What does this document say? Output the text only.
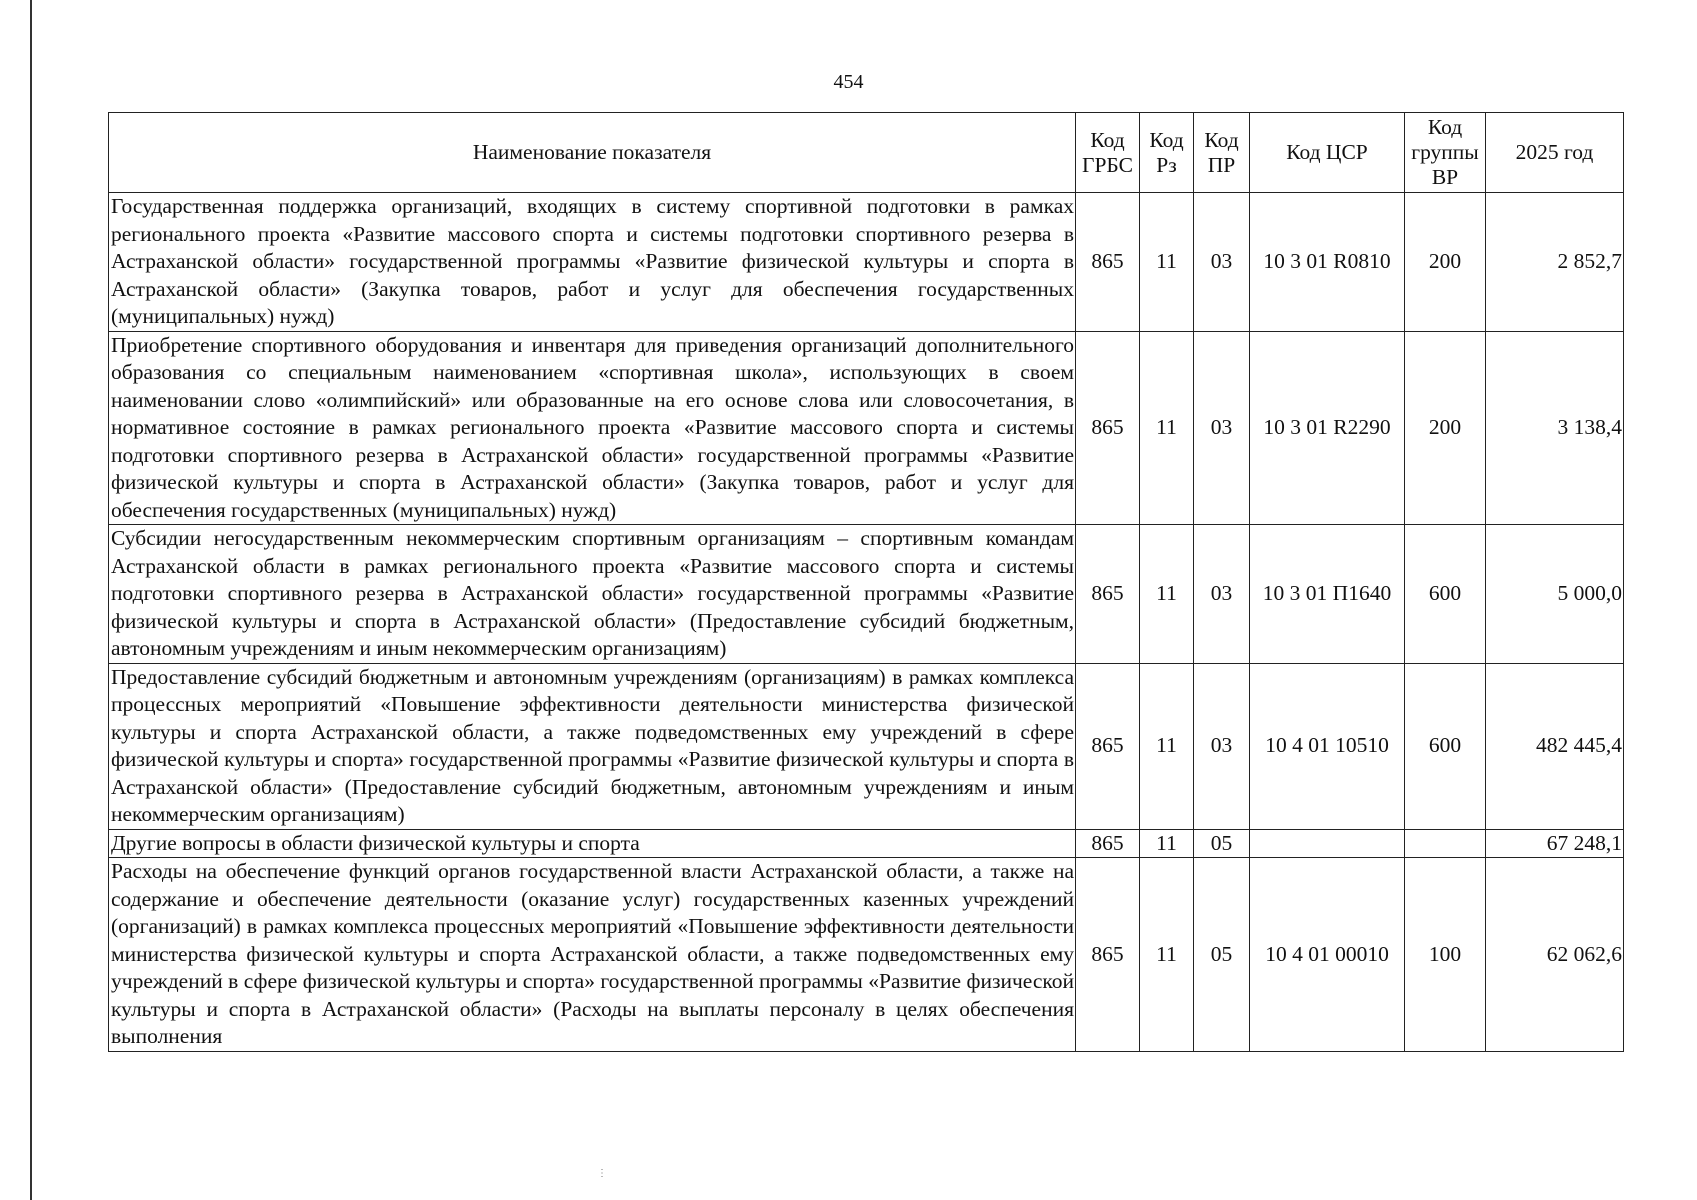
454
Наименование показателя	Код ГРБС	Код Рз	Код ПР	Код ЦСР	Код группы ВР	2025 год
Государственная поддержка организаций, входящих в систему спортивной подготовки в рамках регионального проекта «Развитие массового спорта и системы подготовки спортивного резерва в Астраханской области» государственной программы «Развитие физической культуры и спорта в Астраханской области» (Закупка товаров, работ и услуг для обеспечения государственных (муниципальных) нужд)	865	11	03	10 3 01 R0810	200	2 852,7
Приобретение спортивного оборудования и инвентаря для приведения организаций дополнительного образования со специальным наименованием «спортивная школа», использующих в своем наименовании слово «олимпийский» или образованные на его основе слова или словосочетания, в нормативное состояние в рамках регионального проекта «Развитие массового спорта и системы подготовки спортивного резерва в Астраханской области» государственной программы «Развитие физической культуры и спорта в Астраханской области» (Закупка товаров, работ и услуг для обеспечения государственных (муниципальных) нужд)	865	11	03	10 3 01 R2290	200	3 138,4
Субсидии негосударственным некоммерческим спортивным организациям – спортивным командам Астраханской области в рамках регионального проекта «Развитие массового спорта и системы подготовки спортивного резерва в Астраханской области» государственной программы «Развитие физической культуры и спорта в Астраханской области» (Предоставление субсидий бюджетным, автономным учреждениям и иным некоммерческим организациям)	865	11	03	10 3 01 П1640	600	5 000,0
Предоставление субсидий бюджетным и автономным учреждениям (организациям) в рамках комплекса процессных мероприятий «Повышение эффективности деятельности министерства физической культуры и спорта Астраханской области, а также подведомственных ему учреждений в сфере физической культуры и спорта» государственной программы «Развитие физической культуры и спорта в Астраханской области» (Предоставление субсидий бюджетным, автономным учреждениям и иным некоммерческим организациям)	865	11	03	10 4 01 10510	600	482 445,4
Другие вопросы в области физической культуры и спорта	865	11	05			67 248,1
Расходы на обеспечение функций органов государственной власти Астраханской области, а также на содержание и обеспечение деятельности (оказание услуг) государственных казенных учреждений (организаций) в рамках комплекса процессных мероприятий «Повышение эффективности деятельности министерства физической культуры и спорта Астраханской области, а также подведомственных ему учреждений в сфере физической культуры и спорта» государственной программы «Развитие физической культуры и спорта в Астраханской области» (Расходы на выплаты персоналу в целях обеспечения выполнения	865	11	05	10 4 01 00010	100	62 062,6
⋮
